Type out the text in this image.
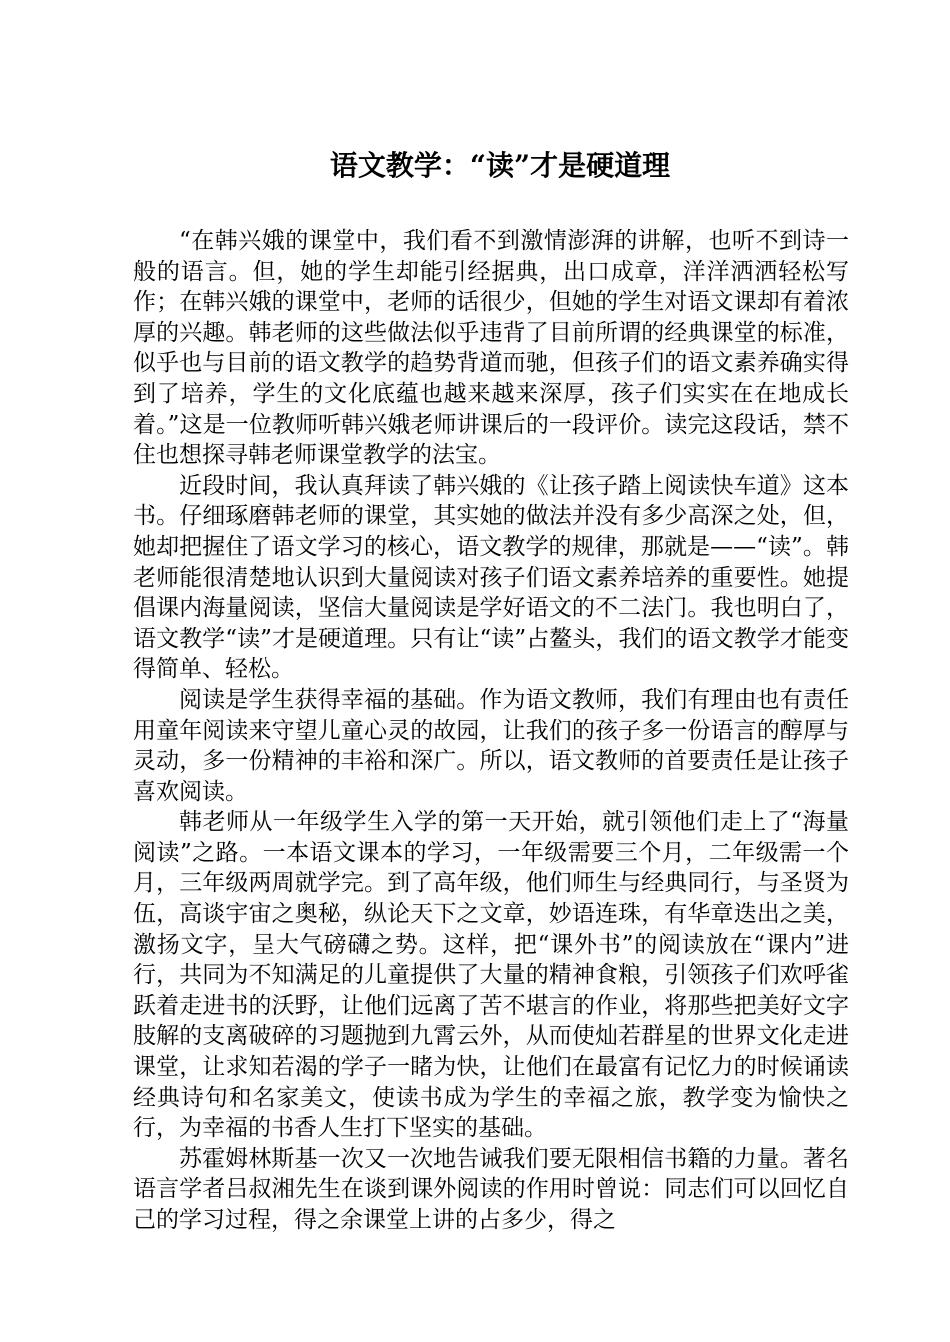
语文教学：“读”才是硬道理

“在韩兴娥的课堂中，我们看不到激情澎湃的讲解，也听不到诗一般的语言。但，她的学生却能引经据典，出口成章，洋洋洒洒轻松写作；在韩兴娥的课堂中，老师的话很少，但她的学生对语文课却有着浓厚的兴趣。韩老师的这些做法似乎违背了目前所谓的经典课堂的标准，似乎也与目前的语文教学的趋势背道而驰，但孩子们的语文素养确实得到了培养，学生的文化底蕴也越来越来深厚，孩子们实实在在地成长着。”这是一位教师听韩兴娥老师讲课后的一段评价。读完这段话，禁不住也想探寻韩老师课堂教学的法宝。

近段时间，我认真拜读了韩兴娥的《让孩子踏上阅读快车道》这本书。仔细琢磨韩老师的课堂，其实她的做法并没有多少高深之处，但，她却把握住了语文学习的核心，语文教学的规律，那就是——“读”。韩老师能很清楚地认识到大量阅读对孩子们语文素养培养的重要性。她提倡课内海量阅读，坚信大量阅读是学好语文的不二法门。我也明白了，语文教学“读”才是硬道理。只有让“读”占鳌头，我们的语文教学才能变得简单、轻松。

阅读是学生获得幸福的基础。作为语文教师，我们有理由也有责任用童年阅读来守望儿童心灵的故园，让我们的孩子多一份语言的醇厚与灵动，多一份精神的丰裕和深广。所以，语文教师的首要责任是让孩子喜欢阅读。

韩老师从一年级学生入学的第一天开始，就引领他们走上了“海量阅读”之路。一本语文课本的学习，一年级需要三个月，二年级需一个月，三年级两周就学完。到了高年级，他们师生与经典同行，与圣贤为伍，高谈宇宙之奥秘，纵论天下之文章，妙语连珠，有华章迭出之美，激扬文字，呈大气磅礴之势。这样，把“课外书”的阅读放在“课内”进行，共同为不知满足的儿童提供了大量的精神食粮，引领孩子们欢呼雀跃着走进书的沃野，让他们远离了苦不堪言的作业，将那些把美好文字肢解的支离破碎的习题抛到九霄云外，从而使灿若群星的世界文化走进课堂，让求知若渴的学子一睹为快，让他们在最富有记忆力的时候诵读经典诗句和名家美文，使读书成为学生的幸福之旅，教学变为愉快之行，为幸福的书香人生打下坚实的基础。

苏霍姆林斯基一次又一次地告诫我们要无限相信书籍的力量。著名语言学者吕叔湘先生在谈到课外阅读的作用时曾说：同志们可以回忆自己的学习过程，得之余课堂上讲的占多少，得之
